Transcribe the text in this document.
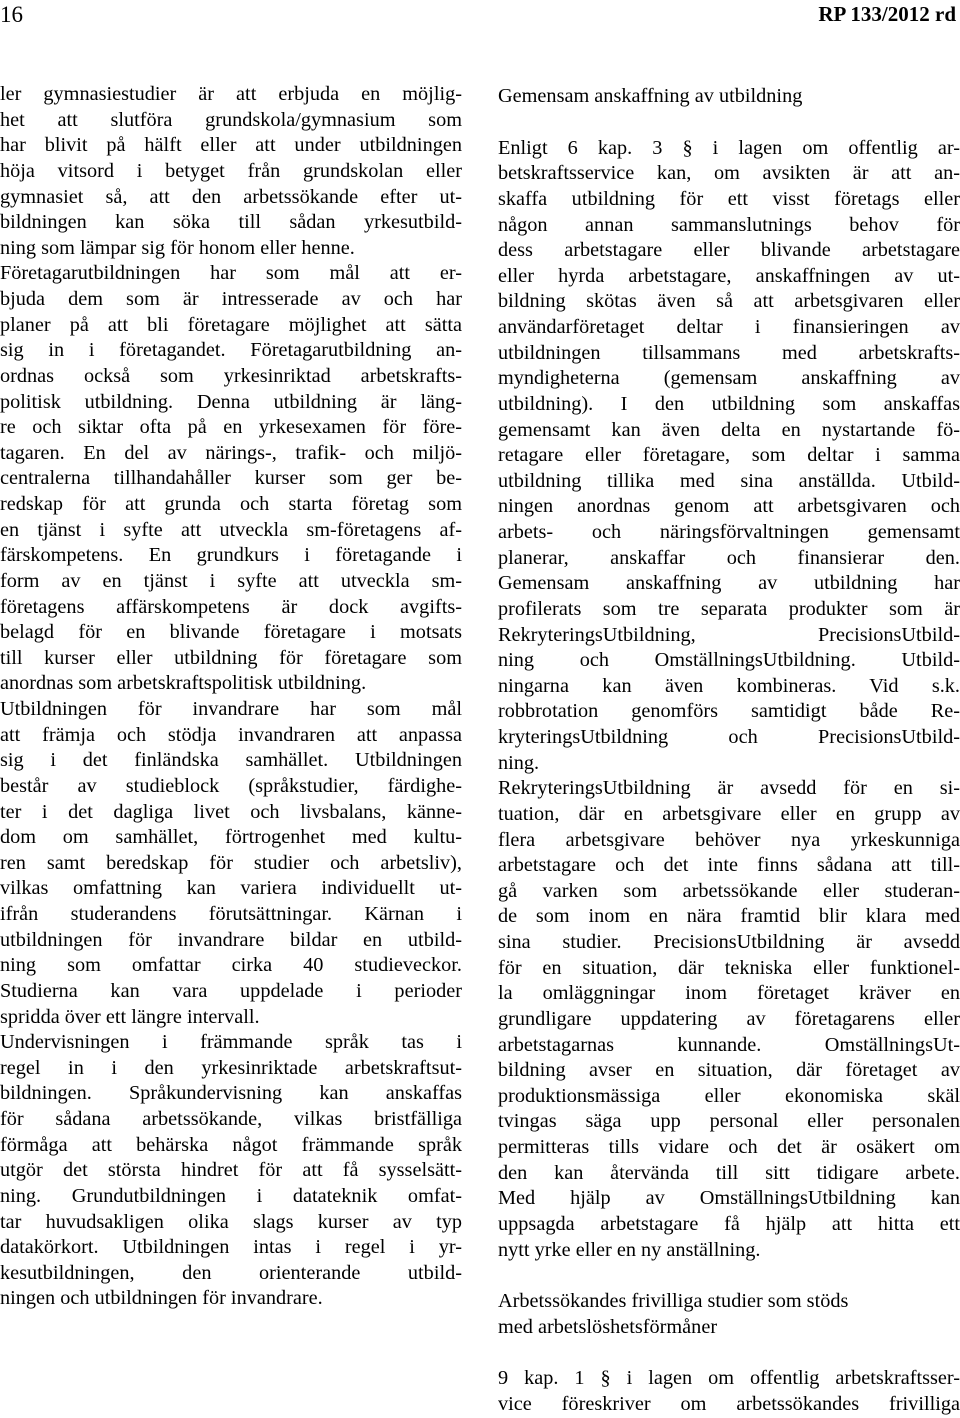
16	RP 133/2012 rd
ler gymnasiestudier är att erbjuda en möjlig-
het att slutföra grundskola/gymnasium som
har blivit på hälft eller att under utbildningen
höja vitsord i betyget från grundskolan eller
gymnasiet så, att den arbetssökande efter ut-
bildningen kan söka till sådan yrkesutbild-
ning som lämpar sig för honom eller henne.
Företagarutbildningen har som mål att er-
bjuda dem som är intresserade av och har
planer på att bli företagare möjlighet att sätta
sig in i företagandet. Företagarutbildning an-
ordnas också som yrkesinriktad arbetskrafts-
politisk utbildning. Denna utbildning är läng-
re och siktar ofta på en yrkesexamen för före-
tagaren. En del av närings-, trafik- och miljö-
centralerna tillhandahåller kurser som ger be-
redskap för att grunda och starta företag som
en tjänst i syfte att utveckla sm-företagens af-
färskompetens. En grundkurs i företagande i
form av en tjänst i syfte att utveckla sm-
företagens affärskompetens är dock avgifts-
belagd för en blivande företagare i motsats
till kurser eller utbildning för företagare som
anordnas som arbetskraftspolitisk utbildning.
Utbildningen för invandrare har som mål
att främja och stödja invandraren att anpassa
sig i det finländska samhället. Utbildningen
består av studieblock (språkstudier, färdighe-
ter i det dagliga livet och livsbalans, känne-
dom om samhället, förtrogenhet med kultu-
ren samt beredskap för studier och arbetsliv),
vilkas omfattning kan variera individuellt ut-
ifrån studerandens förutsättningar. Kärnan i
utbildningen för invandrare bildar en utbild-
ning som omfattar cirka 40 studieveckor.
Studierna kan vara uppdelade i perioder
spridda över ett längre intervall.
Undervisningen i främmande språk tas i
regel in i den yrkesinriktade arbetskraftsut-
bildningen. Språkundervisning kan anskaffas
för sådana arbetssökande, vilkas bristfälliga
förmåga att behärska något främmande språk
utgör det största hindret för att få sysselsätt-
ning. Grundutbildningen i datateknik omfat-
tar huvudsakligen olika slags kurser av typ
datakörkort. Utbildningen intas i regel i yr-
kesutbildningen, den orienterande utbild-
ningen och utbildningen för invandrare.
Gemensam anskaffning av utbildning
Enligt 6 kap. 3 § i lagen om offentlig ar-
betskraftsservice kan, om avsikten är att an-
skaffa utbildning för ett visst företags eller
någon annan sammanslutnings behov för
dess arbetstagare eller blivande arbetstagare
eller hyrda arbetstagare, anskaffningen av ut-
bildning skötas även så att arbetsgivaren eller
användarföretaget deltar i finansieringen av
utbildningen tillsammans med arbetskrafts-
myndigheterna (gemensam anskaffning av
utbildning). I den utbildning som anskaffas
gemensamt kan även delta en nystartande fö-
retagare eller företagare, som deltar i samma
utbildning tillika med sina anställda. Utbild-
ningen anordnas genom att arbetsgivaren och
arbets- och näringsförvaltningen gemensamt
planerar, anskaffar och finansierar den.
Gemensam anskaffning av utbildning har
profilerats som tre separata produkter som är
RekryteringsUtbildning, PrecisionsUtbild-
ning och OmställningsUtbildning. Utbild-
ningarna kan även kombineras. Vid s.k.
robbrotation genomförs samtidigt både Re-
kryteringsUtbildning och PrecisionsUtbild-
ning.
RekryteringsUtbildning är avsedd för en si-
tuation, där en arbetsgivare eller en grupp av
flera arbetsgivare behöver nya yrkeskunniga
arbetstagare och det inte finns sådana att till-
gå varken som arbetssökande eller studeran-
de som inom en nära framtid blir klara med
sina studier. PrecisionsUtbildning är avsedd
för en situation, där tekniska eller funktionel-
la omläggningar inom företaget kräver en
grundligare uppdatering av företagarens eller
arbetstagarnas kunnande. OmställningsUt-
bildning avser en situation, där företaget av
produktionsmässiga eller ekonomiska skäl
tvingas säga upp personal eller personalen
permitteras tills vidare och det är osäkert om
den kan återvända till sitt tidigare arbete.
Med hjälp av OmställningsUtbildning kan
uppsagda arbetstagare få hjälp att hitta ett
nytt yrke eller en ny anställning.
Arbetssökandes frivilliga studier som stöds
med arbetslöshetsförmåner
9 kap. 1 § i lagen om offentlig arbetskraftsser-
vice föreskriver om arbetssökandes frivilliga
